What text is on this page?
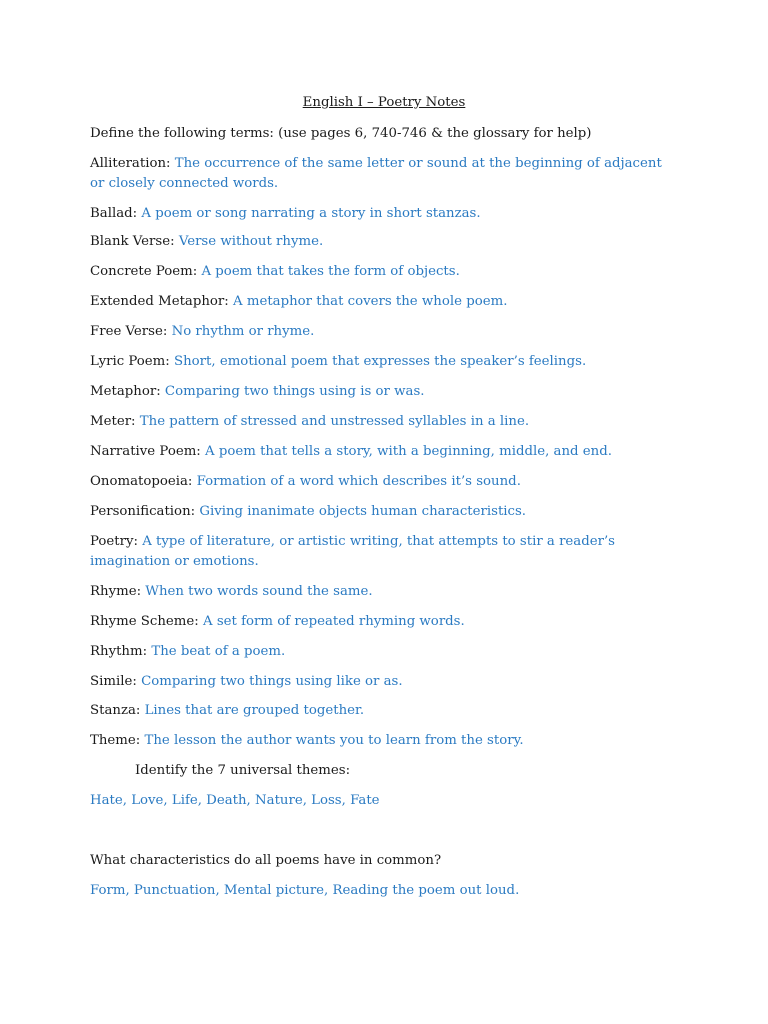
English I – Poetry Notes
Define the following terms: (use pages 6, 740-746 & the glossary for help)
Alliteration: The occurrence of the same letter or sound at the beginning of adjacent or closely connected words.
Ballad: A poem or song narrating a story in short stanzas.
Blank Verse: Verse without rhyme.
Concrete Poem: A poem that takes the form of objects.
Extended Metaphor: A metaphor that covers the whole poem.
Free Verse: No rhythm or rhyme.
Lyric Poem: Short, emotional poem that expresses the speaker’s feelings.
Metaphor: Comparing two things using is or was.
Meter: The pattern of stressed and unstressed syllables in a line.
Narrative Poem: A poem that tells a story, with a beginning, middle, and end.
Onomatopoeia: Formation of a word which describes it’s sound.
Personification: Giving inanimate objects human characteristics.
Poetry: A type of literature, or artistic writing, that attempts to stir a reader’s imagination or emotions.
Rhyme: When two words sound the same.
Rhyme Scheme: A set form of repeated rhyming words.
Rhythm: The beat of a poem.
Simile: Comparing two things using like or as.
Stanza: Lines that are grouped together.
Theme: The lesson the author wants you to learn from the story.
Identify the 7 universal themes:
Hate, Love, Life, Death, Nature, Loss, Fate
What characteristics do all poems have in common?
Form, Punctuation, Mental picture, Reading the poem out loud.
